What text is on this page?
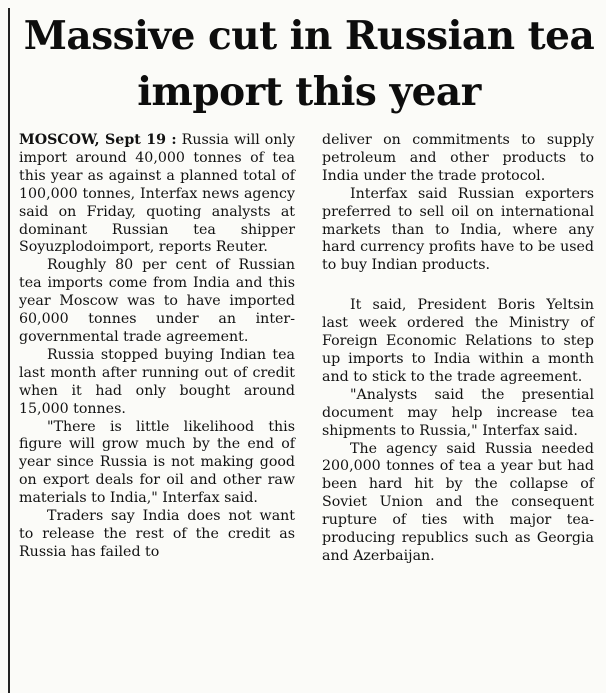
Massive cut in Russian tea import this year

MOSCOW, Sept 19 : Russia will only import around 40,000 tonnes of tea this year as against a planned total of 100,000 tonnes, Interfax news agency said on Friday, quoting analysts at dominant Russian tea shipper Soyuzplodoimport, reports Reuter.

Roughly 80 per cent of Russian tea imports come from India and this year Moscow was to have imported 60,000 tonnes under an inter-governmental trade agreement.

Russia stopped buying Indian tea last month after running out of credit when it had only bought around 15,000 tonnes.

"There is little likelihood this figure will grow much by the end of year since Russia is not making good on export deals for oil and other raw materials to India," Interfax said.

Traders say India does not want to release the rest of the credit as Russia has failed to

deliver on commitments to supply petroleum and other products to India under the trade protocol.

Interfax said Russian exporters preferred to sell oil on international markets than to India, where any hard currency profits have to be used to buy Indian products.

It said, President Boris Yeltsin last week ordered the Ministry of Foreign Economic Relations to step up imports to India within a month and to stick to the trade agreement.

"Analysts said the presential document may help increase tea shipments to Russia," Interfax said.

The agency said Russia needed 200,000 tonnes of tea a year but had been hard hit by the collapse of Soviet Union and the consequent rupture of ties with major tea-producing republics such as Georgia and Azerbaijan.
